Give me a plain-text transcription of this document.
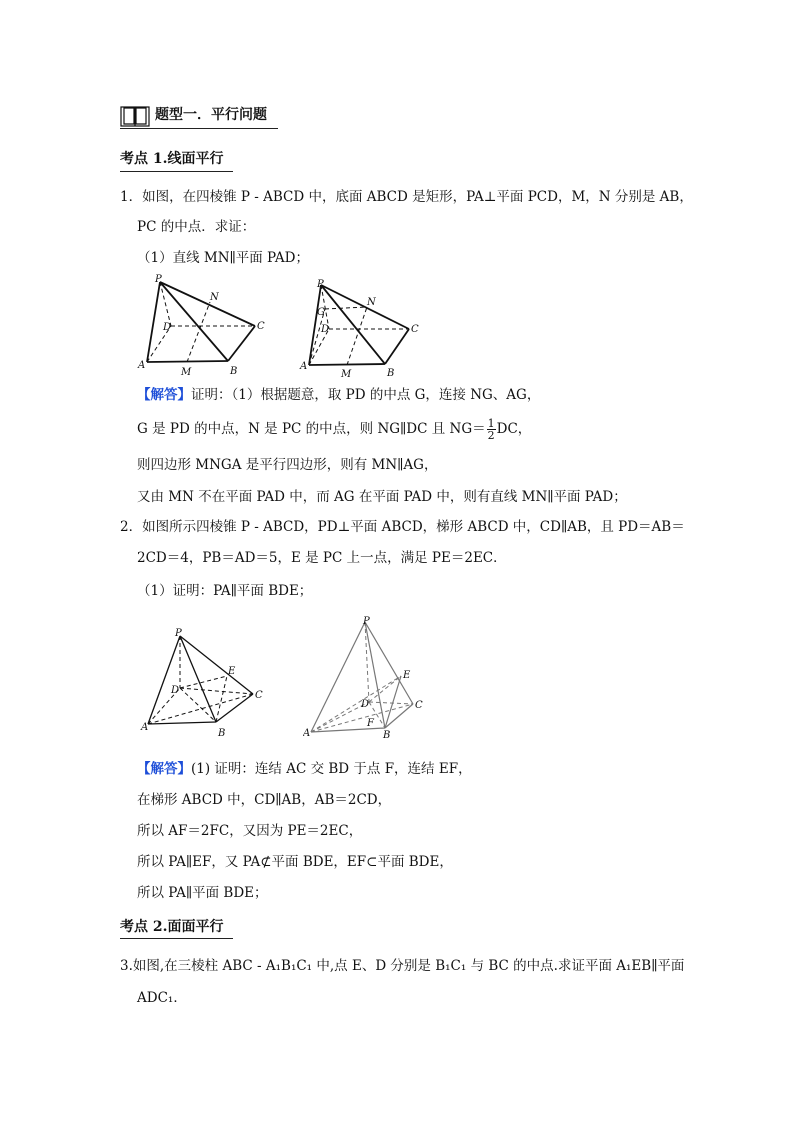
题型一．平行问题
考点 1.线面平行
1．如图，在四棱锥 P - ABCD 中，底面 ABCD 是矩形，PA⊥平面 PCD，M，N 分别是 AB，
PC 的中点．求证：
（1）直线 MN∥平面 PAD；
P
A
B
C
D
M
N
P
G
A
B
C
D
M
N
【解答】证明：（1）根据题意，取 PD 的中点 G，连接 NG、AG，
G 是 PD 的中点，N 是 PC 的中点，则 NG∥DC 且 $NG= \frac{1}{2}$ DC，
则四边形 MNGA 是平行四边形，则有 MN∥AG，
又由 MN 不在平面 PAD 中，而 AG 在平面 PAD 中，则有直线 MN∥平面 PAD；
2．如图所示四棱锥 P - ABCD，PD⊥平面 ABCD，梯形 ABCD 中，CD∥AB，且 PD＝AB＝
2CD＝4，PB＝AD＝5，E 是 PC 上一点，满足 PE＝2EC．
（1）证明：PA∥平面 BDE；
P
A
B
C
D
E
P
A	B
C
D
E
F
【解答】(1) 证明：连结 AC 交 BD 于点 F，连结 EF，
在梯形 ABCD 中，CD∥AB，AB＝2CD，
所以 AF＝2FC，又因为 PE＝2EC，
所以 PA∥EF，又 PA⊄平面 BDE，EF⊂平面 BDE，
所以 PA∥平面 BDE；
考点 2.面面平行
3.如图,在三棱柱 ABC - A₁B₁C₁ 中,点 E、D 分别是 B₁C₁ 与 BC 的中点.求证平面 A₁EB∥平面
ADC₁．
